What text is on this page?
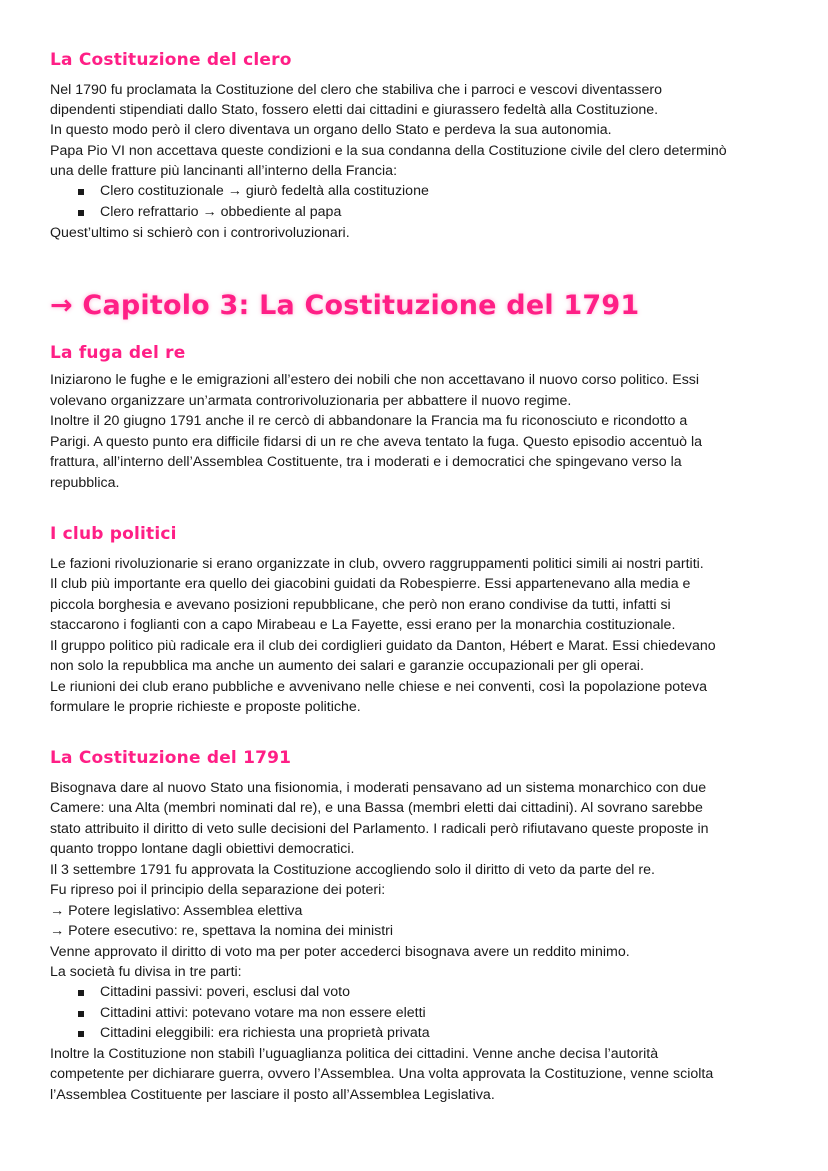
La Costituzione del clero

Nel 1790 fu proclamata la Costituzione del clero che stabiliva che i parroci e vescovi diventassero

dipendenti stipendiati dallo Stato, fossero eletti dai cittadini e giurassero fedeltà alla Costituzione.

In questo modo però il clero diventava un organo dello Stato e perdeva la sua autonomia.

Papa Pio VI non accettava queste condizioni e la sua condanna della Costituzione civile del clero determinò

una delle fratture più lancinanti all’interno della Francia:

Clero costituzionale → giurò fedeltà alla costituzione

Clero refrattario → obbediente al papa

Quest’ultimo si schierò con i controrivoluzionari.

→ Capitolo 3: La Costituzione del 1791
La fuga del re

Iniziarono le fughe e le emigrazioni all’estero dei nobili che non accettavano il nuovo corso politico. Essi

volevano organizzare un’armata controrivoluzionaria per abbattere il nuovo regime.

Inoltre il 20 giugno 1791 anche il re cercò di abbandonare la Francia ma fu riconosciuto e ricondotto a

Parigi. A questo punto era difficile fidarsi di un re che aveva tentato la fuga. Questo episodio accentuò la

frattura, all’interno dell’Assemblea Costituente, tra i moderati e i democratici che spingevano verso la

repubblica.

I club politici

Le fazioni rivoluzionarie si erano organizzate in club, ovvero raggruppamenti politici simili ai nostri partiti.

Il club più importante era quello dei giacobini guidati da Robespierre. Essi appartenevano alla media e

piccola borghesia e avevano posizioni repubblicane, che però non erano condivise da tutti, infatti si

staccarono i foglianti con a capo Mirabeau e La Fayette, essi erano per la monarchia costituzionale.

Il gruppo politico più radicale era il club dei cordiglieri guidato da Danton, Hébert e Marat. Essi chiedevano

non solo la repubblica ma anche un aumento dei salari e garanzie occupazionali per gli operai.

Le riunioni dei club erano pubbliche e avvenivano nelle chiese e nei conventi, così la popolazione poteva

formulare le proprie richieste e proposte politiche.

La Costituzione del 1791

Bisognava dare al nuovo Stato una fisionomia, i moderati pensavano ad un sistema monarchico con due

Camere: una Alta (membri nominati dal re), e una Bassa (membri eletti dai cittadini). Al sovrano sarebbe

stato attribuito il diritto di veto sulle decisioni del Parlamento. I radicali però rifiutavano queste proposte in

quanto troppo lontane dagli obiettivi democratici.

Il 3 settembre 1791 fu approvata la Costituzione accogliendo solo il diritto di veto da parte del re.

Fu ripreso poi il principio della separazione dei poteri:

→ Potere legislativo: Assemblea elettiva

→ Potere esecutivo: re, spettava la nomina dei ministri

Venne approvato il diritto di voto ma per poter accederci bisognava avere un reddito minimo.

La società fu divisa in tre parti:

Cittadini passivi: poveri, esclusi dal voto

Cittadini attivi: potevano votare ma non essere eletti

Cittadini eleggibili: era richiesta una proprietà privata

Inoltre la Costituzione non stabilì l’uguaglianza politica dei cittadini. Venne anche decisa l’autorità

competente per dichiarare guerra, ovvero l’Assemblea. Una volta approvata la Costituzione, venne sciolta

l’Assemblea Costituente per lasciare il posto all’Assemblea Legislativa.
